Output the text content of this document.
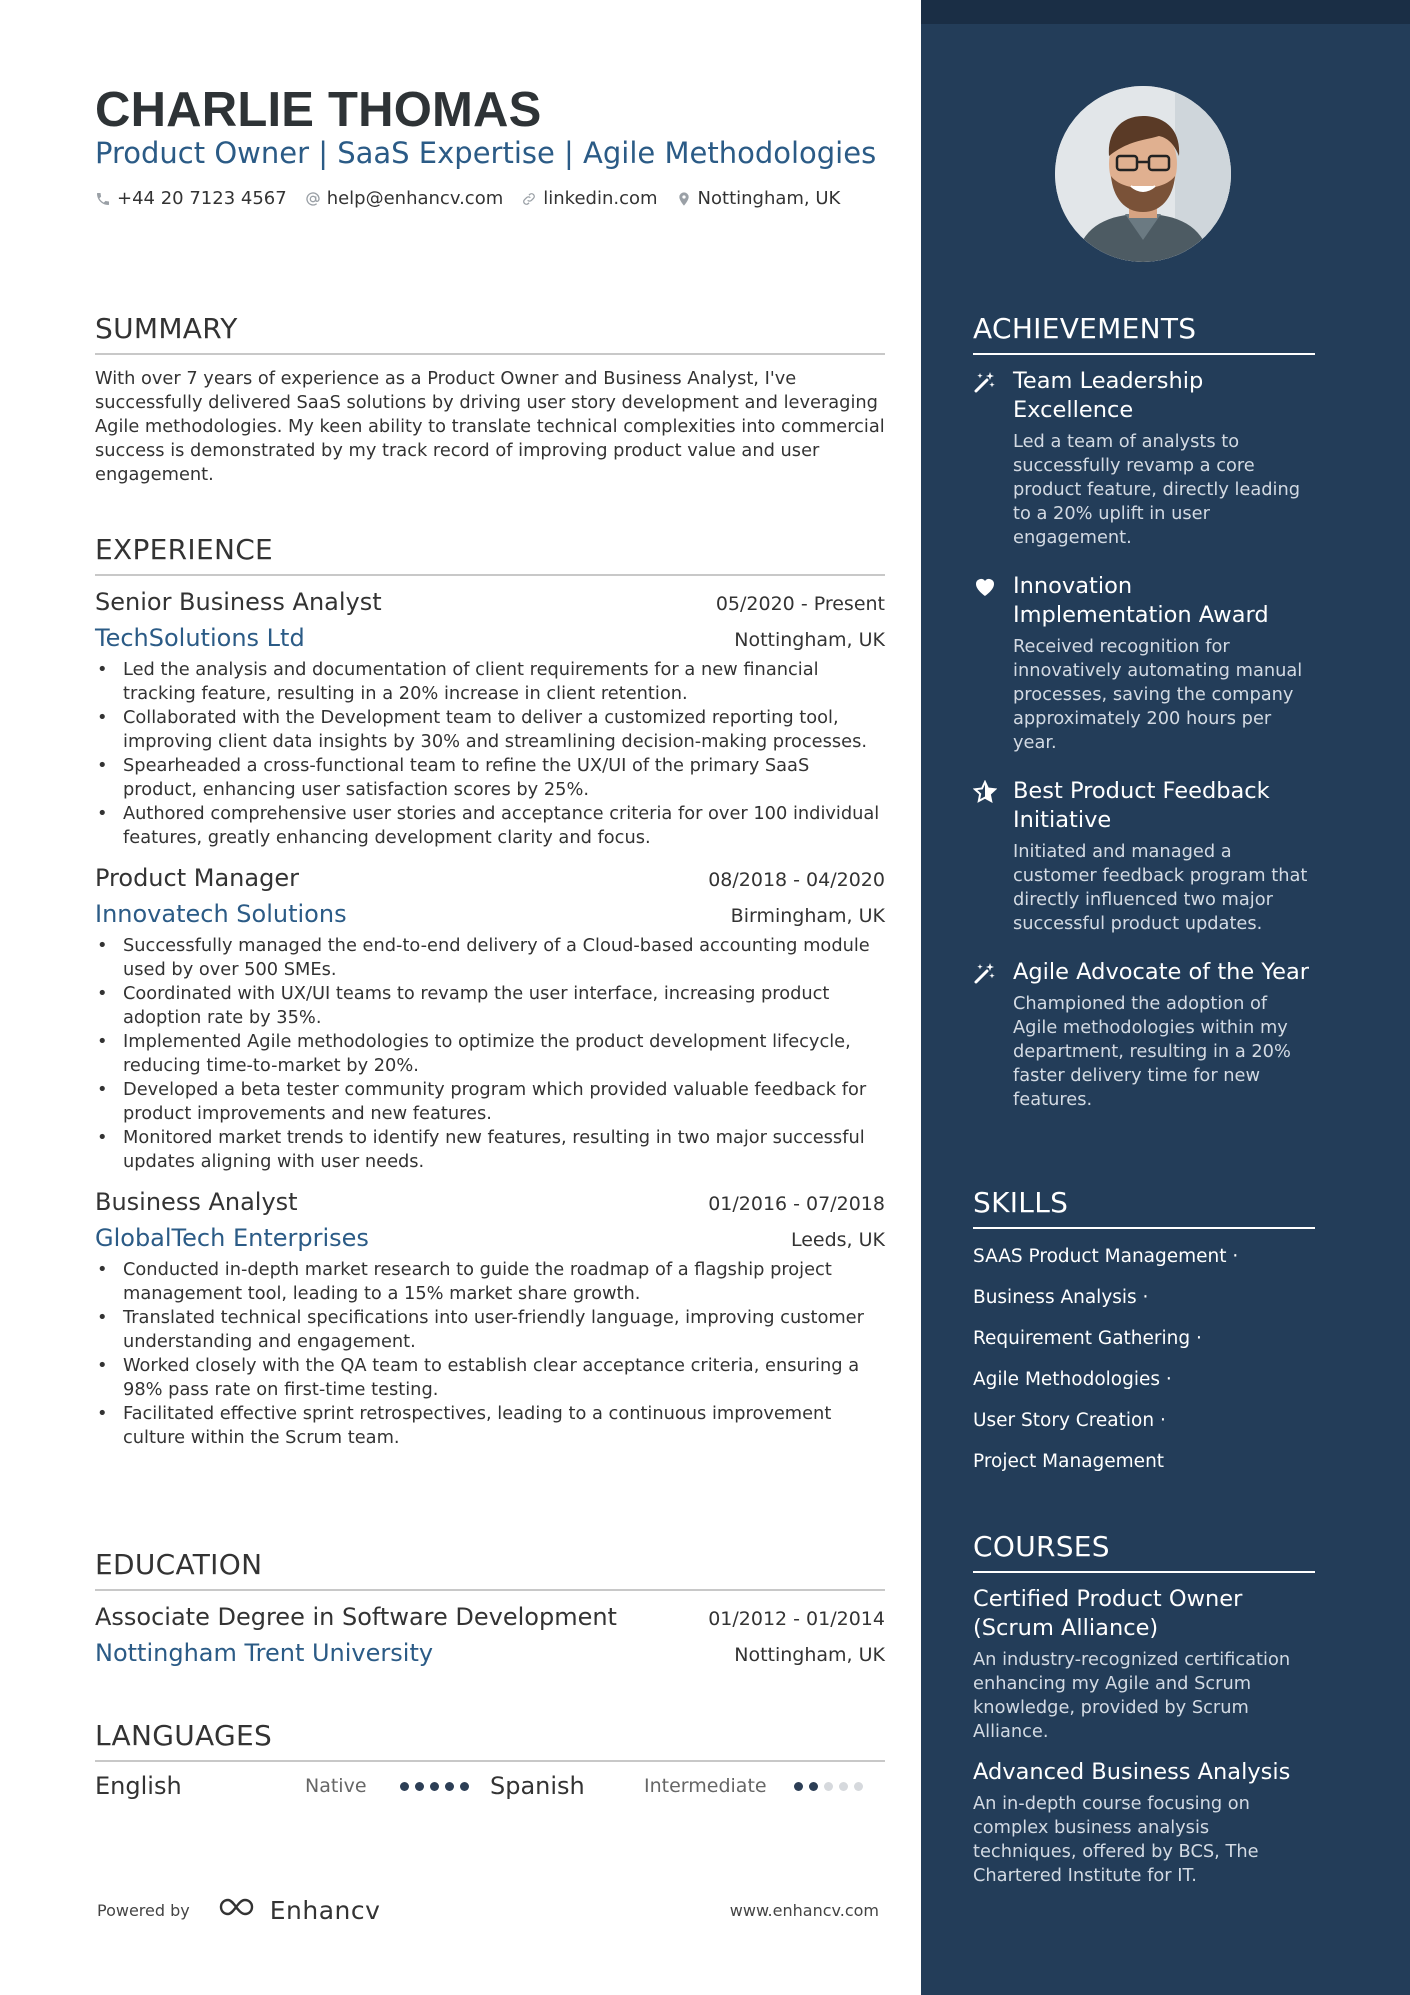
CHARLIE THOMAS
Product Owner | SaaS Expertise | Agile Methodologies
+44 20 7123 4567 help@enhancv.com linkedin.com Nottingham, UK
SUMMARY

With over 7 years of experience as a Product Owner and Business Analyst, I've successfully delivered SaaS solutions by driving user story development and leveraging Agile methodologies. My keen ability to translate technical complexities into commercial success is demonstrated by my track record of improving product value and user engagement.

EXPERIENCE
Senior Business Analyst	05/2020 - Present
TechSolutions Ltd	Nottingham, UK
• Led the analysis and documentation of client requirements for a new financial tracking feature, resulting in a 20% increase in client retention.
• Collaborated with the Development team to deliver a customized reporting tool, improving client data insights by 30% and streamlining decision-making processes.
• Spearheaded a cross-functional team to refine the UX/UI of the primary SaaS product, enhancing user satisfaction scores by 25%.
• Authored comprehensive user stories and acceptance criteria for over 100 individual features, greatly enhancing development clarity and focus.
Product Manager	08/2018 - 04/2020
Innovatech Solutions	Birmingham, UK
• Successfully managed the end-to-end delivery of a Cloud-based accounting module used by over 500 SMEs.
• Coordinated with UX/UI teams to revamp the user interface, increasing product adoption rate by 35%.
• Implemented Agile methodologies to optimize the product development lifecycle, reducing time-to-market by 20%.
• Developed a beta tester community program which provided valuable feedback for product improvements and new features.
• Monitored market trends to identify new features, resulting in two major successful updates aligning with user needs.
Business Analyst	01/2016 - 07/2018
GlobalTech Enterprises	Leeds, UK
• Conducted in-depth market research to guide the roadmap of a flagship project management tool, leading to a 15% market share growth.
• Translated technical specifications into user-friendly language, improving customer understanding and engagement.
• Worked closely with the QA team to establish clear acceptance criteria, ensuring a 98% pass rate on first-time testing.
• Facilitated effective sprint retrospectives, leading to a continuous improvement culture within the Scrum team.
EDUCATION
Associate Degree in Software Development	01/2012 - 01/2014
Nottingham Trent University	Nottingham, UK
LANGUAGES
English	Native	Spanish	Intermediate
Powered by	Enhancv	www.enhancv.com
ACHIEVEMENTS
Team Leadership Excellence
Led a team of analysts to successfully revamp a core product feature, directly leading to a 20% uplift in user engagement.
Innovation Implementation Award
Received recognition for innovatively automating manual processes, saving the company approximately 200 hours per year.
Best Product Feedback Initiative
Initiated and managed a customer feedback program that directly influenced two major successful product updates.
Agile Advocate of the Year
Championed the adoption of Agile methodologies within my department, resulting in a 20% faster delivery time for new features.
SKILLS
SAAS Product Management ·
Business Analysis ·
Requirement Gathering ·
Agile Methodologies ·
User Story Creation ·
Project Management
COURSES
Certified Product Owner (Scrum Alliance)
An industry-recognized certification enhancing my Agile and Scrum knowledge, provided by Scrum Alliance.
Advanced Business Analysis
An in-depth course focusing on complex business analysis techniques, offered by BCS, The Chartered Institute for IT.
